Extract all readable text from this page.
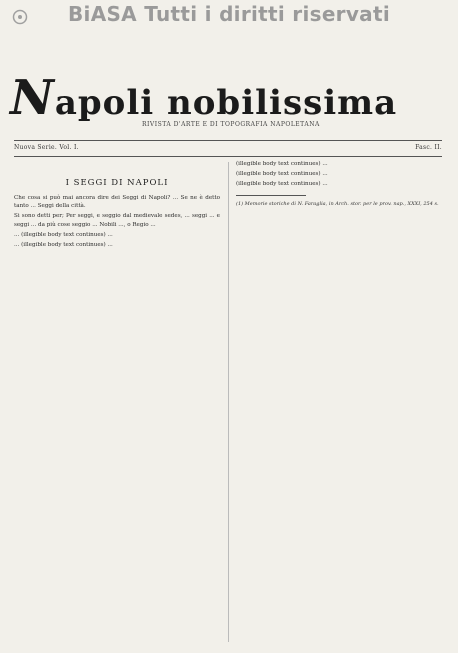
BiASA Tutti i diritti riservati
Napoli nobilissima
RIVISTA D'ARTE E DI TOPOGRAFIA NAPOLETANA
Nuova Serie. Vol. I.	Fasc. II.
I SEGGI DI NAPOLI

Che cosa si può mai ancora dire dei Seggi di Napoli? ... Se ne è detto tanto ... Seggi della città.

Si sono detti per; Per seggi, e seggio dal medievale sedes, ... seggi ... e seggi ... da più cose seggio ... Nobili ..., o Regio ...

... (illegible body text continues) ...

... (illegible body text continues) ...

(illegible body text continues) ...

(illegible body text continues) ...

(illegible body text continues) ...

(1) Memorie storiche di N. Faraglia, in Arch. stor. per le prov. nap., XXXI, 254 s.
